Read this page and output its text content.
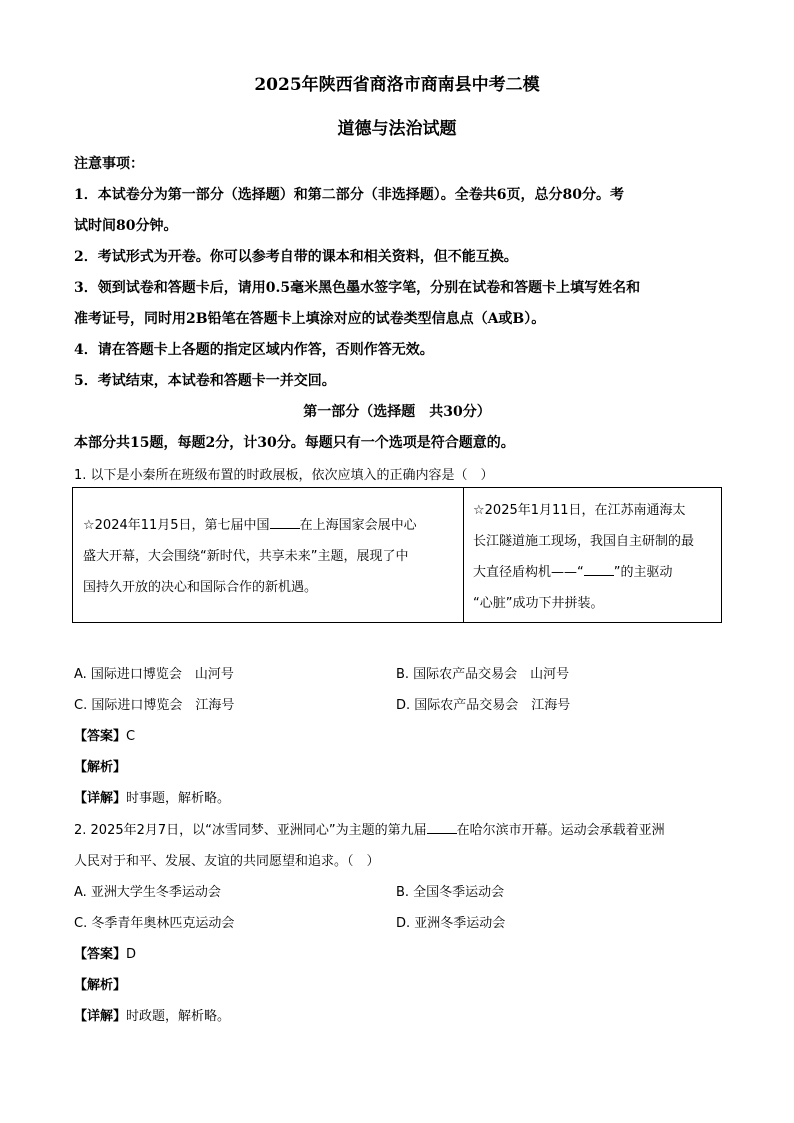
2025年陕西省商洛市商南县中考二模
道德与法治试题
注意事项：
1．本试卷分为第一部分（选择题）和第二部分（非选择题）。全卷共6页，总分80分。考
试时间80分钟。
2．考试形式为开卷。你可以参考自带的课本和相关资料，但不能互换。
3．领到试卷和答题卡后，请用0.5毫米黑色墨水签字笔，分别在试卷和答题卡上填写姓名和
准考证号，同时用2B铅笔在答题卡上填涂对应的试卷类型信息点（A或B）。
4．请在答题卡上各题的指定区域内作答，否则作答无效。
5．考试结束，本试卷和答题卡一并交回。
第一部分（选择题　共30分）
本部分共15题，每题2分，计30分。每题只有一个选项是符合题意的。
1. 以下是小秦所在班级布置的时政展板，依次应填入的正确内容是（　）
☆2024年11月5日，第七届中国 在上海国家会展中心
盛大开幕，大会围绕“新时代，共享未来”主题，展现了中
国持久开放的决心和国际合作的新机遇。
☆2025年1月11日，在江苏南通海太
长江隧道施工现场，我国自主研制的最
大直径盾构机——“ ”的主驱动
“心脏”成功下井拼装。
A. 国际进口博览会　山河号	B. 国际农产品交易会　山河号
C. 国际进口博览会　江海号	D. 国际农产品交易会　江海号
【答案】C
【解析】
【详解】时事题，解析略。
2. 2025年2月7日，以“冰雪同梦、亚洲同心”为主题的第九届 在哈尔滨市开幕。运动会承载着亚洲
人民对于和平、发展、友谊的共同愿望和追求。（　）
A. 亚洲大学生冬季运动会	B. 全国冬季运动会
C. 冬季青年奥林匹克运动会	D. 亚洲冬季运动会
【答案】D
【解析】
【详解】时政题，解析略。
